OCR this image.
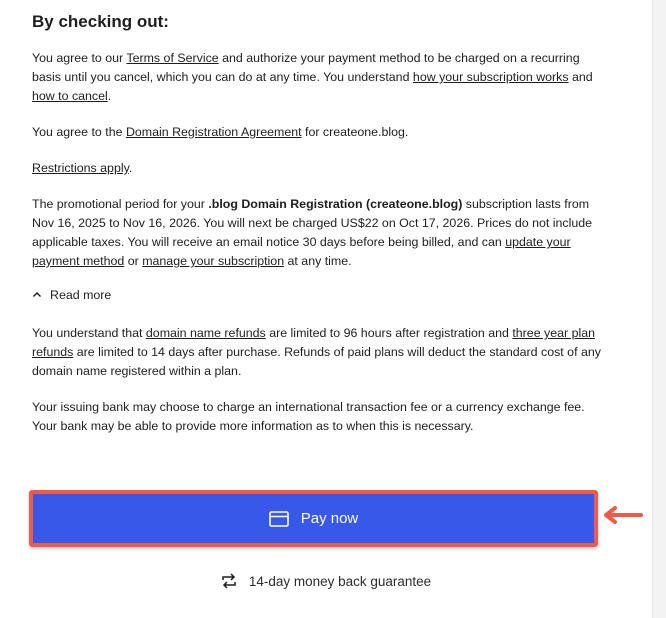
By checking out:

You agree to our Terms of Service and authorize your payment method to be charged on a recurring basis until you cancel, which you can do at any time. You understand how your subscription works and how to cancel.

You agree to the Domain Registration Agreement for createone.blog.

Restrictions apply.

The promotional period for your .blog Domain Registration (createone.blog) subscription lasts from Nov 16, 2025 to Nov 16, 2026. You will next be charged US$22 on Oct 17, 2026. Prices do not include applicable taxes. You will receive an email notice 30 days before being billed, and can update your payment method or manage your subscription at any time.

Read more

You understand that domain name refunds are limited to 96 hours after registration and three year plan refunds are limited to 14 days after purchase. Refunds of paid plans will deduct the standard cost of any domain name registered within a plan.

Your issuing bank may choose to charge an international transaction fee or a currency exchange fee. Your bank may be able to provide more information as to when this is necessary.

Pay now
14-day money back guarantee
